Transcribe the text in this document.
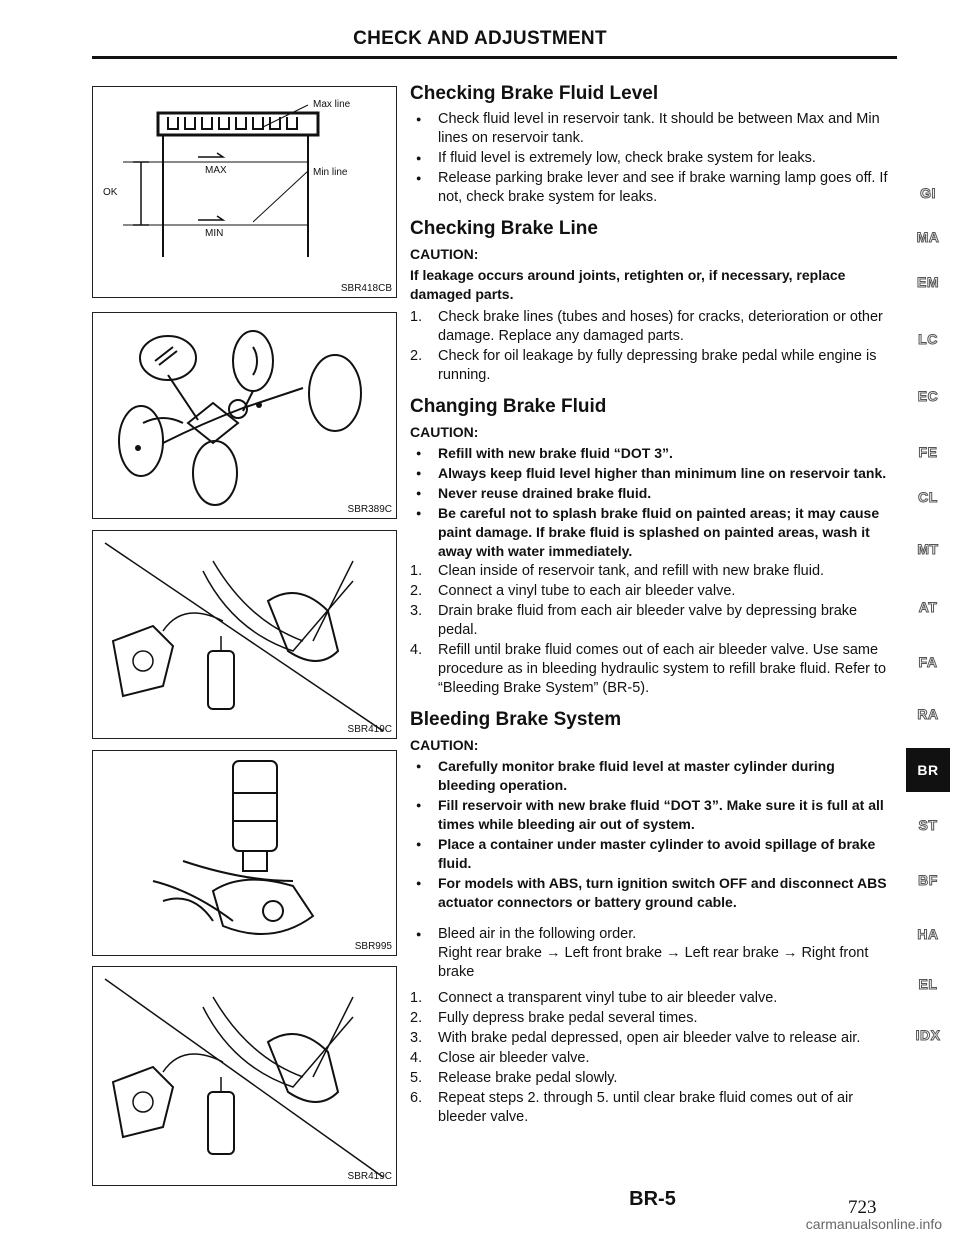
CHECK AND ADJUSTMENT
Max line
Min line
MAX
MIN
OK
SBR418CB
SBR389C
SBR419C
SBR995
SBR419C
Checking Brake Fluid Level
● Check fluid level in reservoir tank. It should be between Max and Min lines on reservoir tank.
● If fluid level is extremely low, check brake system for leaks.
● Release parking brake lever and see if brake warning lamp goes off. If not, check brake system for leaks.
Checking Brake Line

CAUTION:

If leakage occurs around joints, retighten or, if necessary, replace damaged parts.

1. Check brake lines (tubes and hoses) for cracks, deterioration or other damage. Replace any damaged parts.
2. Check for oil leakage by fully depressing brake pedal while engine is running.
Changing Brake Fluid

CAUTION:

● Refill with new brake fluid “DOT 3”.
● Always keep fluid level higher than minimum line on reservoir tank.
● Never reuse drained brake fluid.
● Be careful not to splash brake fluid on painted areas; it may cause paint damage. If brake fluid is splashed on painted areas, wash it away with water immediately.
1. Clean inside of reservoir tank, and refill with new brake fluid.
2. Connect a vinyl tube to each air bleeder valve.
3. Drain brake fluid from each air bleeder valve by depressing brake pedal.
4. Refill until brake fluid comes out of each air bleeder valve. Use same procedure as in bleeding hydraulic system to refill brake fluid. Refer to “Bleeding Brake System” (BR-5).
Bleeding Brake System

CAUTION:

● Carefully monitor brake fluid level at master cylinder during bleeding operation.
● Fill reservoir with new brake fluid “DOT 3”. Make sure it is full at all times while bleeding air out of system.
● Place a container under master cylinder to avoid spillage of brake fluid.
● For models with ABS, turn ignition switch OFF and disconnect ABS actuator connectors or battery ground cable.
● Bleed air in the following order.
Right rear brake → Left front brake → Left rear brake → Right front brake
1. Connect a transparent vinyl tube to air bleeder valve.
2. Fully depress brake pedal several times.
3. With brake pedal depressed, open air bleeder valve to release air.
4. Close air bleeder valve.
5. Release brake pedal slowly.
6. Repeat steps 2. through 5. until clear brake fluid comes out of air bleeder valve.
GI
MA
EM
LC
EC
FE
CL
MT
AT
FA
RA
BR
ST
BF
HA
EL
IDX
BR-5	723
carmanualsonline.info
